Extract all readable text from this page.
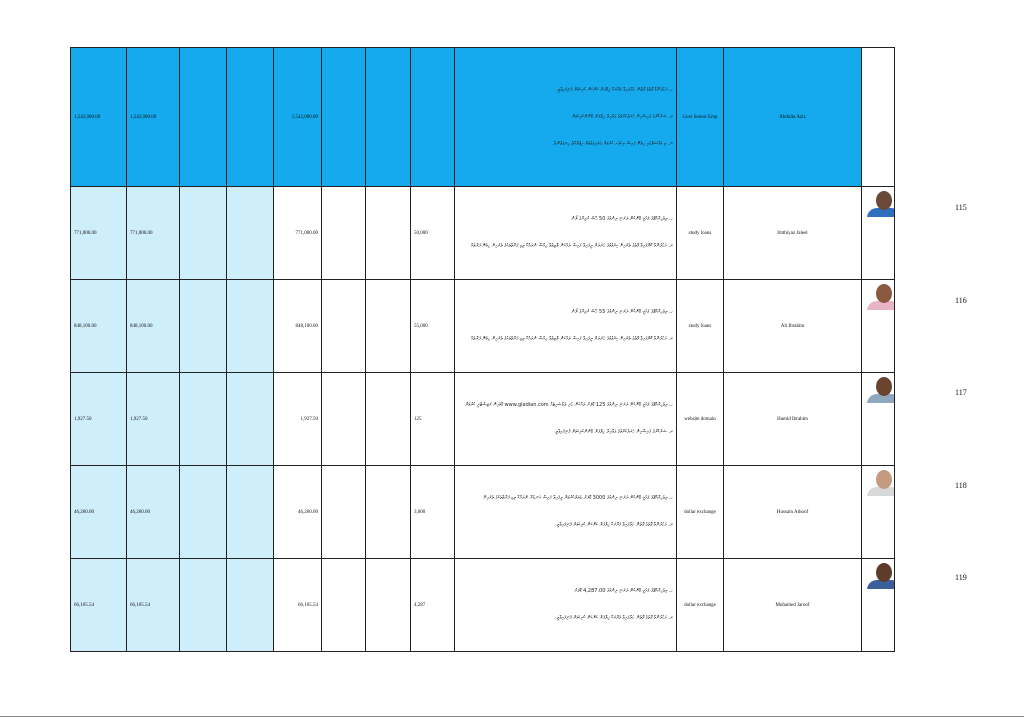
1,542,000.00	1,542,000.00			1,542,000.00				ހ. ޢަހުދުނާމާ ގޮތުގެ ގޮތުން ހަދާފައިވާ ޤަރާރަކާ ޚިލާފަށް ކަންކަން ކުރިކަމަށް ފެނިފައިވާތީ
ށ. ސަރުކާރުގެ ފައިސާއިން ޚަރަދުކުރުމުގެ ގަވާއިދާ ޚިލާފަށް ބޭނުންކުރިކަމަށް
ނ. މި މައްސަލާގައި ހިމެނޭ ފައިސާ ރިކަވަރ ކުރުމަށް ބަލައިގަތުމަށް އިޖުރާއާތު ހިނގަމުންދާ	Govt Senior Emp	Abdulla Aziz	
771,000.00	771,000.00			771,000.00			50,000	ހ. ދިވެހިރާއްޖޭގެ ޤައުމީ ބޭންކުން ދަރަނި ދިނުމުގެ 50 ހާސް ރުފިޔާގެ ލޯނު
ށ. ޢަހުދުނާމާ ކޮށްފައިވާ ގޮތުގެ ތެރެއިން ކިޔެވުމުގެ ޚަރަދަށް ދީފައިވާ ފައިސާ ދައްކަން ލާޒިމުވާ ޙިއްޞާ ނުދައްކާ ތިބި ފަރާތްތަކުގެ ތެރެއިން ހިމެނޭ ފަރާތެއް	study loans	Imthiyaz Jaleel	

848,100.00	848,100.00			848,100.00			55,000	ހ. ދިވެހިރާއްޖޭގެ ޤައުމީ ބޭންކުން ދަރަނި ދިނުމުގެ 55 ހާސް ރުފިޔާގެ ލޯނު
ށ. ޢަހުދުނާމާ ކޮށްފައިވާ ގޮތުގެ ތެރެއިން ކިޔެވުމުގެ ޚަރަދަށް ދީފައިވާ ފައިސާ ދައްކަން ލާޒިމުވާ ޙިއްޞާ ނުދައްކާ ތިބި ފަރާތްތަކުގެ ތެރެއިން ހިމެނޭ ފަރާތެއް	study loans	Ali Ibrahim	

1,927.50	1,927.50			1,927.50			125	ހ. ދިވެހިރާއްޖޭގެ ޤައުމީ ބޭންކުން ދަރަނި ދިނުމުގެ 125 ޑޮލަރު ދައްކަން ހުރި ވެބްސައިޓެއް www.gladian.com ޑޮމެއިން ރަޖިސްޓްރީ ކުރުމަށް
ށ. ސަރުކާރުގެ ފައިސާއިން ޚަރަދުކުރުމުގެ ގަވާއިދާ ޚިލާފަށް ބޭނުންކުރިކަމަށް ފެނިފައިވާތީ	website domain	Hamid Ibrahim	

46,260.00	46,260.00			46,260.00			3,000	ހ. ދިވެހިރާއްޖޭގެ ޤައުމީ ބޭންކުން ދަރަނި ދިނުމުގެ 3000 ޑޮލަރު ބަދަލުކުރުމަށް ދީފައިވާ ފައިސާ އަނބުރާ ނުދައްކާ ތިބި ފަރާތްތަކުގެ ތެރެއިން
ށ. ޢަހުދުނާމާ ގޮތުގެ ގޮތުން ހަދާފައިވާ ޤަރާރަކާ ޚިލާފަށް ކަންކަން ކުރިކަމަށް ފެނިފައިވާތީ	dollar exchange	Hussain Athoof	

66,105.54	66,105.54			66,105.54			4,287	ހ. ދިވެހިރާއްޖޭގެ ޤައުމީ ބޭންކުން ދަރަނި ދިނުމުގެ 4,287.00 ޑޮލަރު
ށ. ޢަހުދުނާމާ ގޮތުގެ ގޮތުން ހަދާފައިވާ ޤަރާރަކާ ޚިލާފަށް ކަންކަން ކުރިކަމަށް ފެނިފައިވާތީ	dollar exchange	Mohamed Jaroof	
115
116
117
118
119
